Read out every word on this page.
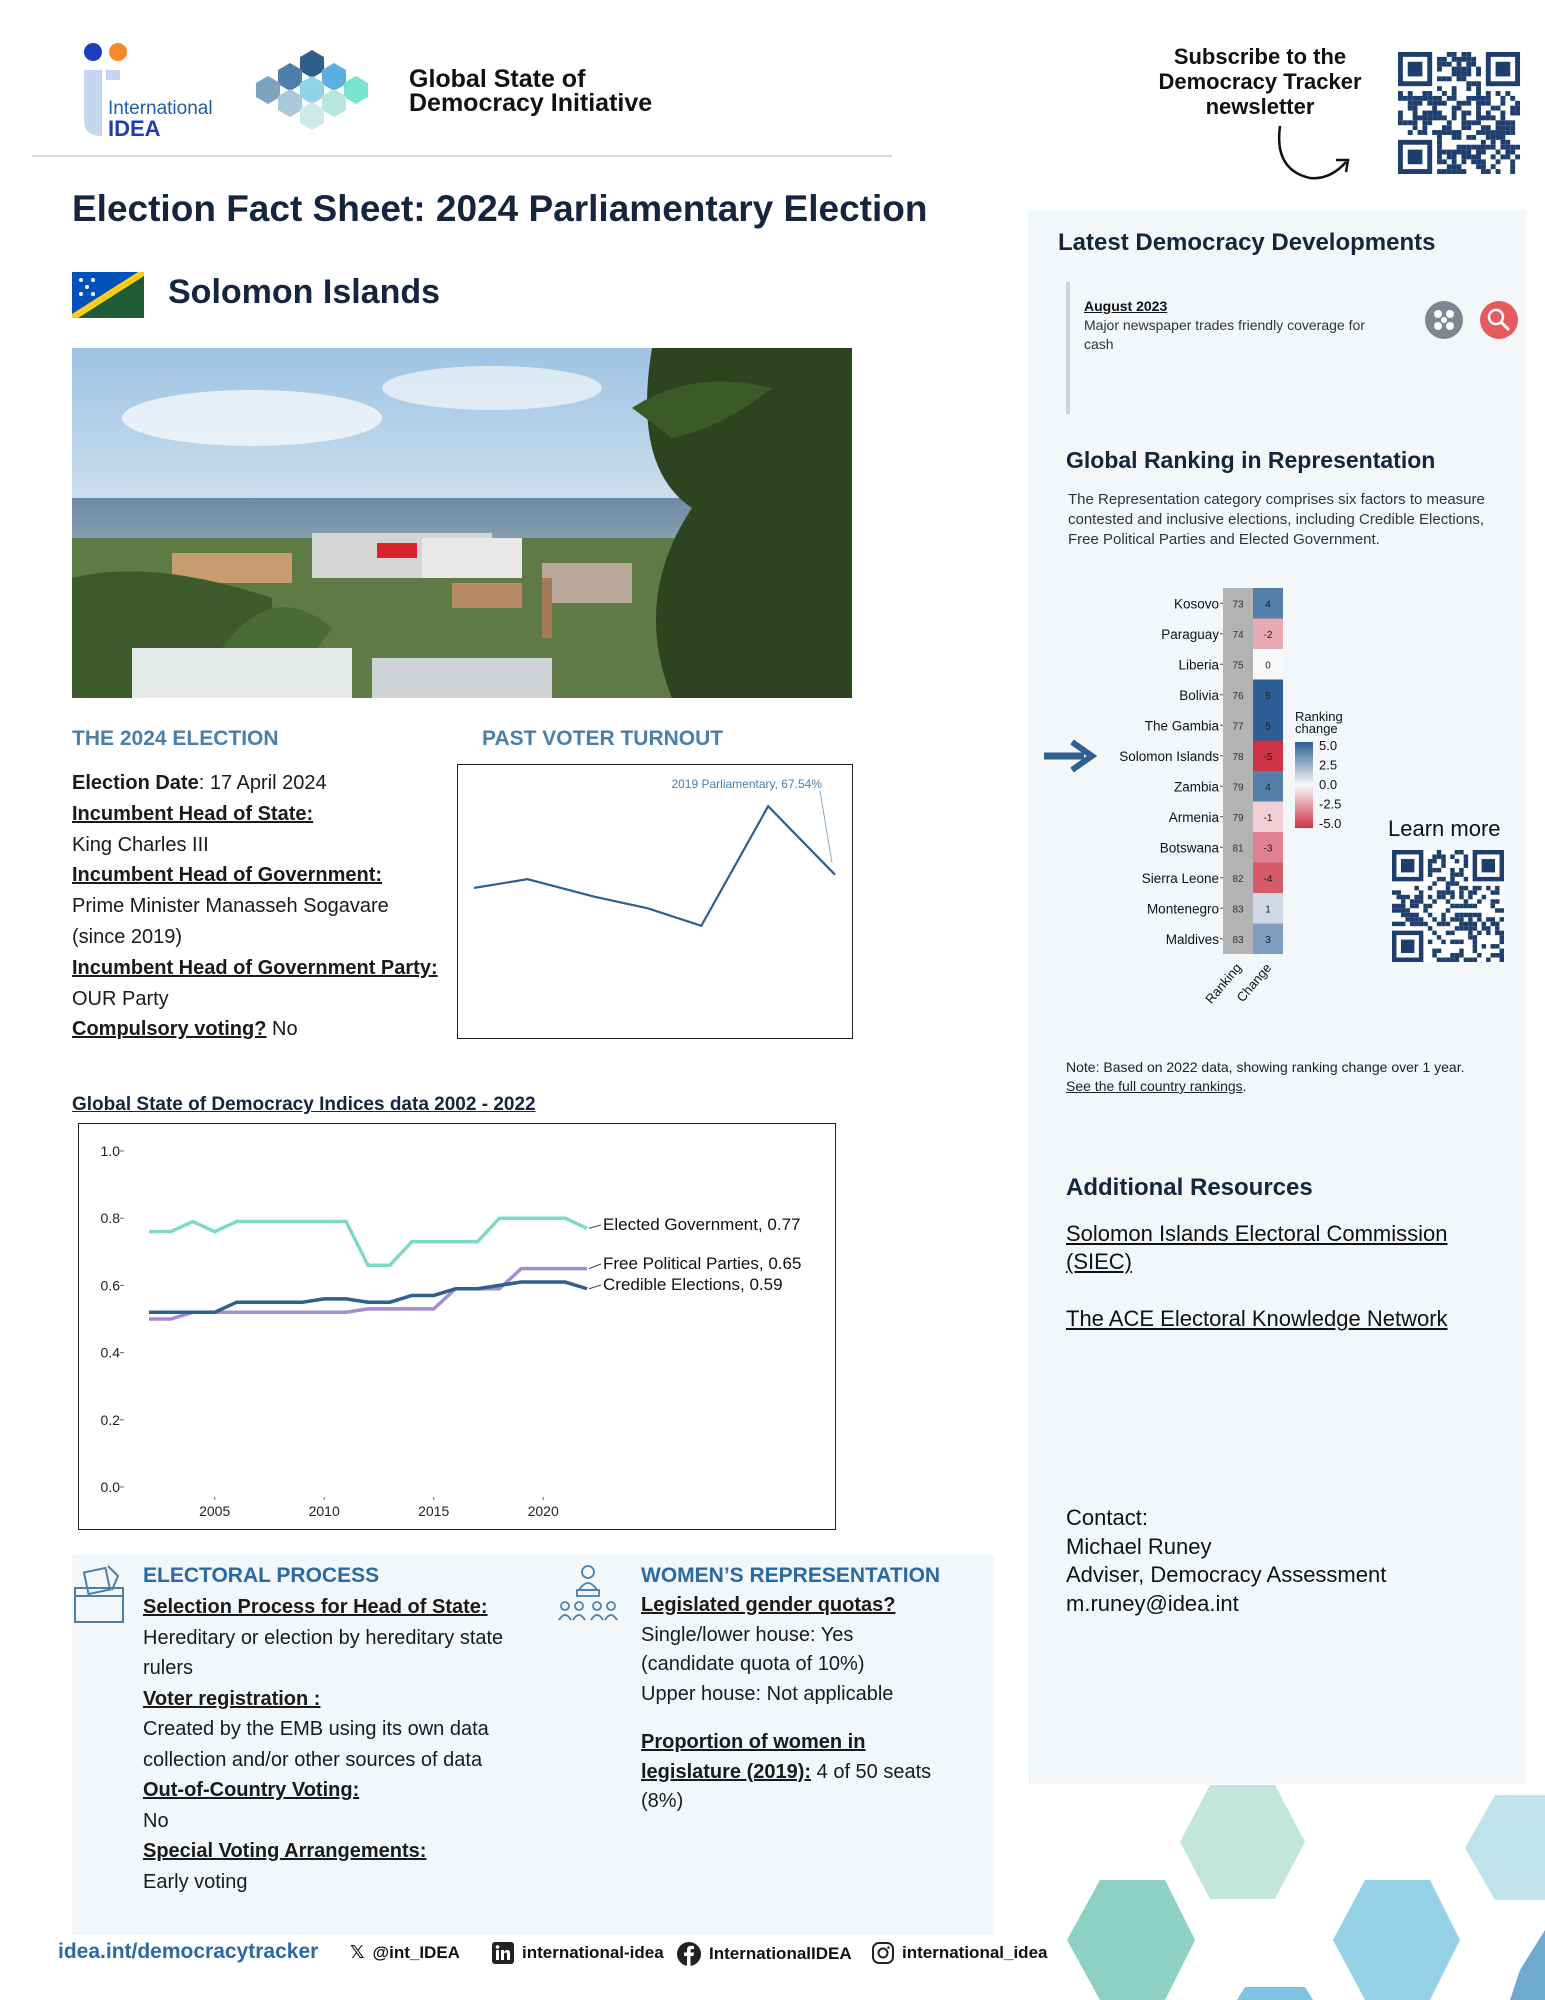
International
IDEA
Global State of
Democracy Initiative
Subscribe to the
Democracy Tracker
newsletter
Election Fact Sheet: 2024 Parliamentary Election
Solomon Islands
THE 2024 ELECTION
Election Date: 17 April 2024
Incumbent Head of State:
King Charles III
Incumbent Head of Government:
Prime Minister Manasseh Sogavare
(since 2019)
Incumbent Head of Government Party:
OUR Party
Compulsory voting? No
PAST VOTER TURNOUT
2019 Parliamentary, 67.54%
Global State of Democracy Indices data 2002 - 2022
0.0
0.2
0.4
0.6
0.8
1.0
2005	2010	2015	2020
Elected Government, 0.77
Free Political Parties, 0.65
Credible Elections, 0.59
Latest Democracy Developments
August 2023
Major newspaper trades friendly coverage for cash
Global Ranking in Representation
The Representation category comprises six factors to measure contested and inclusive elections, including Credible Elections, Free Political Parties and Elected Government.
Kosovo 73 4
Paraguay 74 -2
Liberia 75 0
Bolivia 76 5
The Gambia 77 5
Solomon Islands 78 -5
Zambia 79 4
Armenia 79 -1
Botswana 81 -3
Sierra Leone 82 -4
Montenegro 83 1
Maldives 83 3
Ranking
Change
Ranking
change
5.0
2.5
0.0
-2.5
-5.0 Learn more
Note: Based on 2022 data, showing ranking change over 1 year.
See the full country rankings.
Additional Resources
Solomon Islands Electoral Commission (SIEC)
The ACE Electoral Knowledge Network
Contact:
Michael Runey
Adviser, Democracy Assessment
m.runey@idea.int
ELECTORAL PROCESS
Selection Process for Head of State:
Hereditary or election by hereditary state rulers
Voter registration :
Created by the EMB using its own data collection and/or other sources of data
Out-of-Country Voting:
No
Special Voting Arrangements:
Early voting
WOMEN’S REPRESENTATION
Legislated gender quotas?
Single/lower house: Yes
(candidate quota of 10%)
Upper house: Not applicable
Proportion of women in
legislature (2019): 4 of 50 seats
(8%)
idea.int/democracytracker 𝕏 @int_IDEA	international-idea	InternationalIDEA	international_idea
